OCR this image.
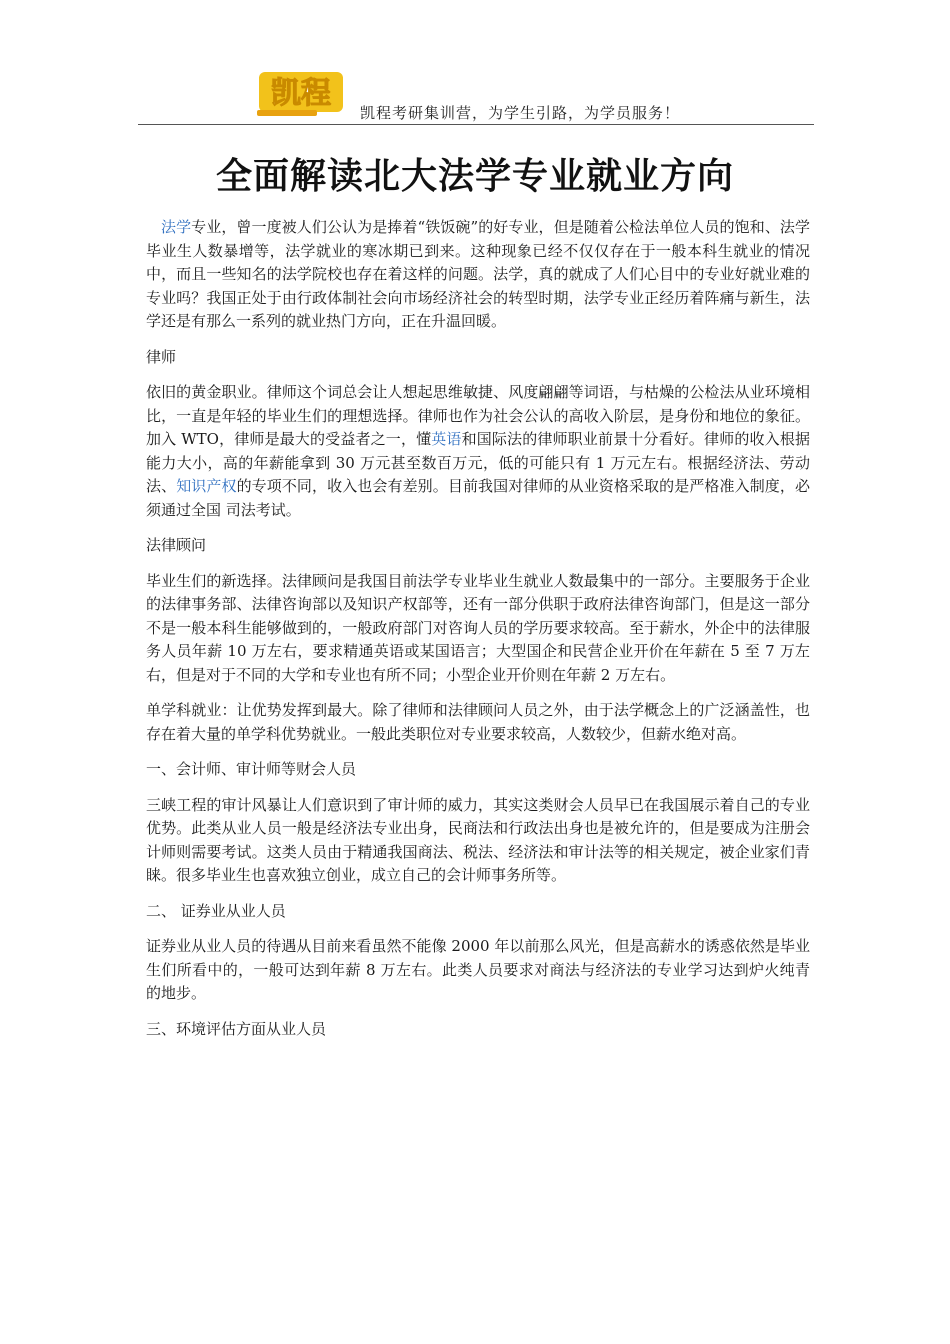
凯程
凯程考研集训营，为学生引路，为学员服务！
全面解读北大法学专业就业方向

法学专业，曾一度被人们公认为是捧着“铁饭碗”的好专业，但是随着公检法单位人员的饱和、法学毕业生人数暴增等，法学就业的寒冰期已到来。这种现象已经不仅仅存在于一般本科生就业的情况中，而且一些知名的法学院校也存在着这样的问题。法学，真的就成了人们心目中的专业好就业难的专业吗？我国正处于由行政体制社会向市场经济社会的转型时期，法学专业正经历着阵痛与新生，法学还是有那么一系列的就业热门方向，正在升温回暖。

律师

依旧的黄金职业。律师这个词总会让人想起思维敏捷、风度翩翩等词语，与枯燥的公检法从业环境相比，一直是年轻的毕业生们的理想选择。律师也作为社会公认的高收入阶层，是身份和地位的象征。加入 WTO，律师是最大的受益者之一，懂英语和国际法的律师职业前景十分看好。律师的收入根据能力大小，高的年薪能拿到 30 万元甚至数百万元，低的可能只有 1 万元左右。根据经济法、劳动法、知识产权的专项不同，收入也会有差别。目前我国对律师的从业资格采取的是严格准入制度，必须通过全国 司法考试。

法律顾问

毕业生们的新选择。法律顾问是我国目前法学专业毕业生就业人数最集中的一部分。主要服务于企业的法律事务部、法律咨询部以及知识产权部等，还有一部分供职于政府法律咨询部门，但是这一部分不是一般本科生能够做到的，一般政府部门对咨询人员的学历要求较高。至于薪水，外企中的法律服务人员年薪 10 万左右，要求精通英语或某国语言；大型国企和民营企业开价在年薪在 5 至 7 万左右，但是对于不同的大学和专业也有所不同；小型企业开价则在年薪 2 万左右。

单学科就业：让优势发挥到最大。除了律师和法律顾问人员之外，由于法学概念上的广泛涵盖性，也存在着大量的单学科优势就业。一般此类职位对专业要求较高，人数较少，但薪水绝对高。

一、会计师、审计师等财会人员

三峡工程的审计风暴让人们意识到了审计师的威力，其实这类财会人员早已在我国展示着自己的专业优势。此类从业人员一般是经济法专业出身，民商法和行政法出身也是被允许的，但是要成为注册会计师则需要考试。这类人员由于精通我国商法、税法、经济法和审计法等的相关规定，被企业家们青睐。很多毕业生也喜欢独立创业，成立自己的会计师事务所等。

二、 证券业从业人员

证券业从业人员的待遇从目前来看虽然不能像 2000 年以前那么风光，但是高薪水的诱惑依然是毕业生们所看中的，一般可达到年薪 8 万左右。此类人员要求对商法与经济法的专业学习达到炉火纯青的地步。

三、环境评估方面从业人员
